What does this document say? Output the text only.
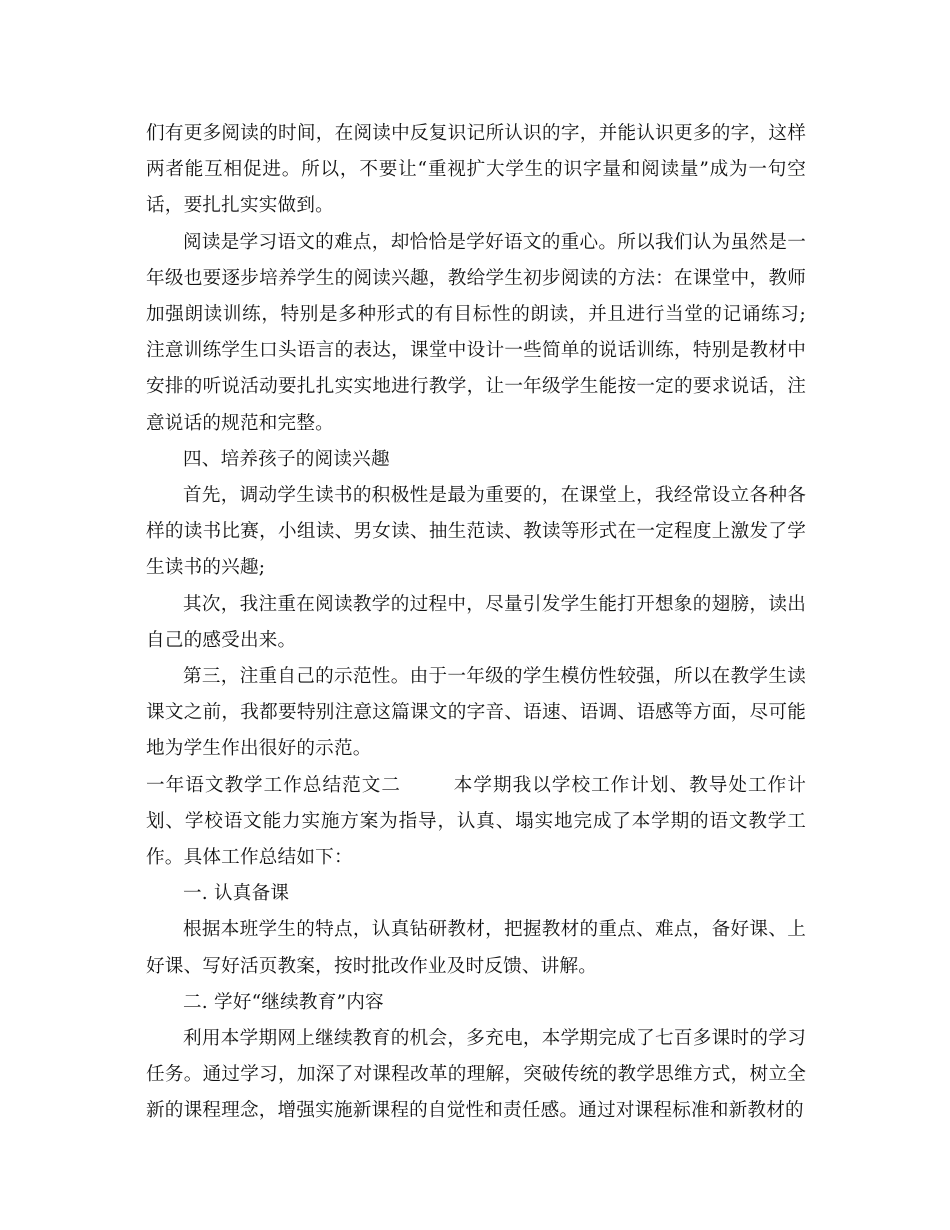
们有更多阅读的时间，在阅读中反复识记所认识的字，并能认识更多的字，这样两者能互相促进。所以，不要让“重视扩大学生的识字量和阅读量”成为一句空话，要扎扎实实做到。

阅读是学习语文的难点，却恰恰是学好语文的重心。所以我们认为虽然是一年级也要逐步培养学生的阅读兴趣，教给学生初步阅读的方法：在课堂中，教师加强朗读训练，特别是多种形式的有目标性的朗读，并且进行当堂的记诵练习;注意训练学生口头语言的表达，课堂中设计一些简单的说话训练，特别是教材中安排的听说活动要扎扎实实地进行教学，让一年级学生能按一定的要求说话，注意说话的规范和完整。

四、培养孩子的阅读兴趣

首先，调动学生读书的积极性是最为重要的，在课堂上，我经常设立各种各样的读书比赛，小组读、男女读、抽生范读、教读等形式在一定程度上激发了学生读书的兴趣;

其次，我注重在阅读教学的过程中，尽量引发学生能打开想象的翅膀，读出自己的感受出来。

第三，注重自己的示范性。由于一年级的学生模仿性较强，所以在教学生读课文之前，我都要特别注意这篇课文的字音、语速、语调、语感等方面，尽可能地为学生作出很好的示范。

一年语文教学工作总结范文二	本学期我以学校工作计划、教导处工作计划、学校语文能力实施方案为指导，认真、塌实地完成了本学期的语文教学工作。具体工作总结如下：

一. 认真备课

根据本班学生的特点，认真钻研教材，把握教材的重点、难点，备好课、上好课、写好活页教案，按时批改作业及时反馈、讲解。

二. 学好“继续教育”内容

利用本学期网上继续教育的机会，多充电，本学期完成了七百多课时的学习任务。通过学习，加深了对课程改革的理解，突破传统的教学思维方式，树立全新的课程理念，增强实施新课程的自觉性和责任感。通过对课程标准和新教材的
